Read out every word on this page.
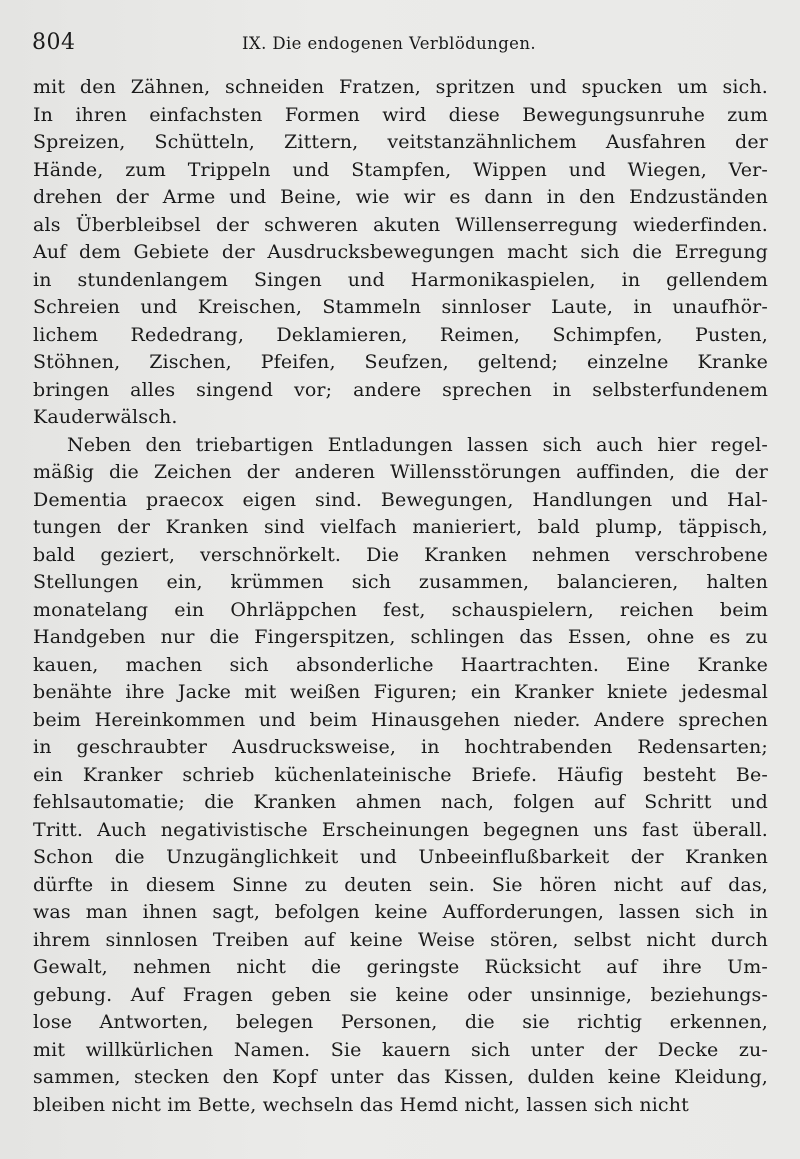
804	IX. Die endogenen Verblödungen.
mit den Zähnen, schneiden Fratzen, spritzen und spucken um sich.
In ihren einfachsten Formen wird diese Bewegungsunruhe zum
Spreizen, Schütteln, Zittern, veitstanzähnlichem Ausfahren der
Hände, zum Trippeln und Stampfen, Wippen und Wiegen, Ver-
drehen der Arme und Beine, wie wir es dann in den Endzuständen
als Überbleibsel der schweren akuten Willenserregung wiederfinden.
Auf dem Gebiete der Ausdrucksbewegungen macht sich die Erregung
in stundenlangem Singen und Harmonikaspielen, in gellendem
Schreien und Kreischen, Stammeln sinnloser Laute, in unaufhör-
lichem Rededrang, Deklamieren, Reimen, Schimpfen, Pusten,
Stöhnen, Zischen, Pfeifen, Seufzen, geltend; einzelne Kranke
bringen alles singend vor; andere sprechen in selbsterfundenem
Kauderwälsch.
Neben den triebartigen Entladungen lassen sich auch hier regel-
mäßig die Zeichen der anderen Willensstörungen auffinden, die der
Dementia praecox eigen sind. Bewegungen, Handlungen und Hal-
tungen der Kranken sind vielfach manieriert, bald plump, täppisch,
bald geziert, verschnörkelt. Die Kranken nehmen verschrobene
Stellungen ein, krümmen sich zusammen, balancieren, halten
monatelang ein Ohrläppchen fest, schauspielern, reichen beim
Handgeben nur die Fingerspitzen, schlingen das Essen, ohne es zu
kauen, machen sich absonderliche Haartrachten. Eine Kranke
benähte ihre Jacke mit weißen Figuren; ein Kranker kniete jedesmal
beim Hereinkommen und beim Hinausgehen nieder. Andere sprechen
in geschraubter Ausdrucksweise, in hochtrabenden Redensarten;
ein Kranker schrieb küchenlateinische Briefe. Häufig besteht Be-
fehlsautomatie; die Kranken ahmen nach, folgen auf Schritt und
Tritt. Auch negativistische Erscheinungen begegnen uns fast überall.
Schon die Unzugänglichkeit und Unbeeinflußbarkeit der Kranken
dürfte in diesem Sinne zu deuten sein. Sie hören nicht auf das,
was man ihnen sagt, befolgen keine Aufforderungen, lassen sich in
ihrem sinnlosen Treiben auf keine Weise stören, selbst nicht durch
Gewalt, nehmen nicht die geringste Rücksicht auf ihre Um-
gebung. Auf Fragen geben sie keine oder unsinnige, beziehungs-
lose Antworten, belegen Personen, die sie richtig erkennen,
mit willkürlichen Namen. Sie kauern sich unter der Decke zu-
sammen, stecken den Kopf unter das Kissen, dulden keine Kleidung,
bleiben nicht im Bette, wechseln das Hemd nicht, lassen sich nicht
